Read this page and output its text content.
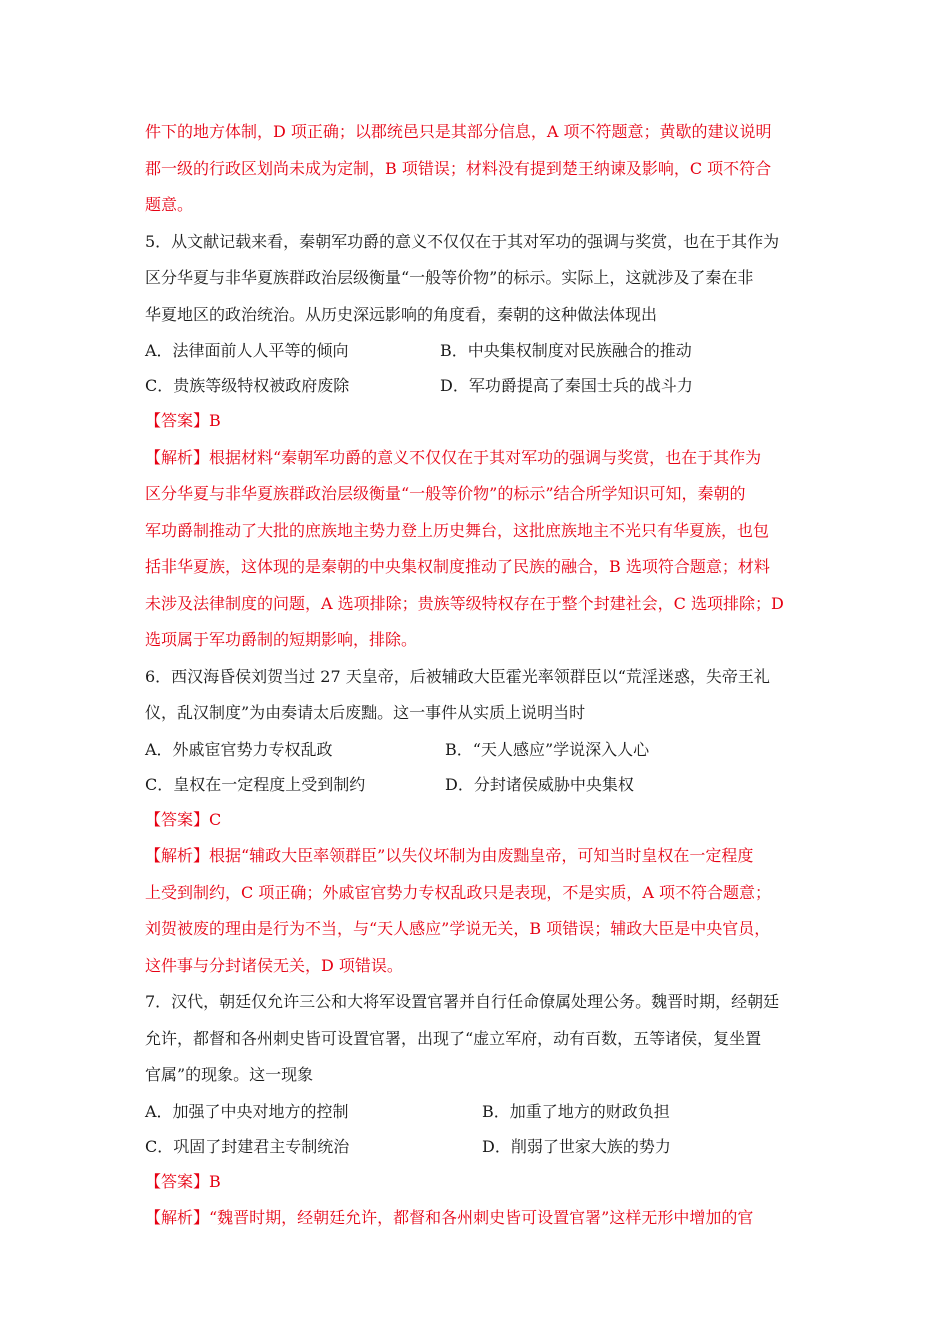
件下的地方体制，D 项正确；以郡统邑只是其部分信息，A 项不符题意；黄歇的建议说明
郡一级的行政区划尚未成为定制，B 项错误；材料没有提到楚王纳谏及影响，C 项不符合
题意。
5．从文献记载来看，秦朝军功爵的意义不仅仅在于其对军功的强调与奖赏，也在于其作为
区分华夏与非华夏族群政治层级衡量“一般等价物”的标示。实际上，这就涉及了秦在非
华夏地区的政治统治。从历史深远影响的角度看，秦朝的这种做法体现出
A．法律面前人人平等的倾向	B．中央集权制度对民族融合的推动
C．贵族等级特权被政府废除	D．军功爵提高了秦国士兵的战斗力
【答案】B
【解析】根据材料“秦朝军功爵的意义不仅仅在于其对军功的强调与奖赏，也在于其作为
区分华夏与非华夏族群政治层级衡量“一般等价物”的标示”结合所学知识可知，秦朝的
军功爵制推动了大批的庶族地主势力登上历史舞台，这批庶族地主不光只有华夏族，也包
括非华夏族，这体现的是秦朝的中央集权制度推动了民族的融合，B 选项符合题意；材料
未涉及法律制度的问题，A 选项排除；贵族等级特权存在于整个封建社会，C 选项排除；D
选项属于军功爵制的短期影响，排除。
6．西汉海昏侯刘贺当过 27 天皇帝，后被辅政大臣霍光率领群臣以“荒淫迷惑，失帝王礼
仪，乱汉制度”为由奏请太后废黜。这一事件从实质上说明当时
A．外戚宦官势力专权乱政	B．“天人感应”学说深入人心
C．皇权在一定程度上受到制约	D．分封诸侯威胁中央集权
【答案】C
【解析】根据“辅政大臣率领群臣”以失仪坏制为由废黜皇帝，可知当时皇权在一定程度
上受到制约，C 项正确；外戚宦官势力专权乱政只是表现，不是实质，A 项不符合题意；
刘贺被废的理由是行为不当，与“天人感应”学说无关，B 项错误；辅政大臣是中央官员，
这件事与分封诸侯无关，D 项错误。
7．汉代，朝廷仅允许三公和大将军设置官署并自行任命僚属处理公务。魏晋时期，经朝廷
允许，都督和各州刺史皆可设置官署，出现了“虚立军府，动有百数，五等诸侯，复坐置
官属”的现象。这一现象
A．加强了中央对地方的控制	B．加重了地方的财政负担
C．巩固了封建君主专制统治	D．削弱了世家大族的势力
【答案】B
【解析】“魏晋时期，经朝廷允许，都督和各州刺史皆可设置官署”这样无形中增加的官
